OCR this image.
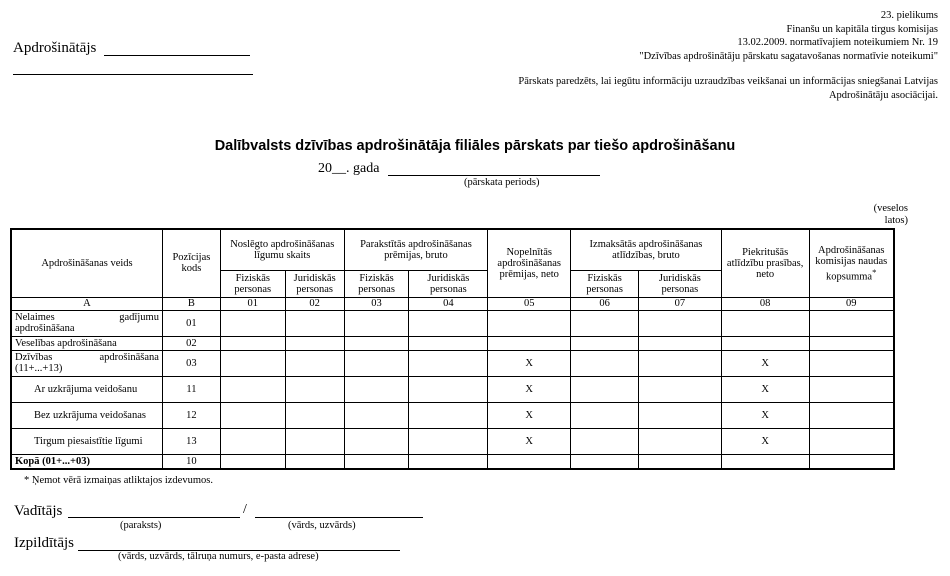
Apdrošinātājs
23. pielikums
Finanšu un kapitāla tirgus komisijas
13.02.2009. normatīvajiem noteikumiem Nr. 19
"Dzīvības apdrošinātāju pārskatu sagatavošanas normatīvie noteikumi"
Pārskats paredzēts, lai iegūtu informāciju uzraudzības veikšanai un informācijas sniegšanai Latvijas Apdrošinātāju asociācijai.
Dalībvalsts dzīvības apdrošinātāja filiāles pārskats par tiešo apdrošināšanu
20__. gada
(pārskata periods)
(veselos latos)
Apdrošināšanas veids	Pozīcijas kods	Noslēgto apdrošināšanas līgumu skaits		Parakstītās apdrošināšanas prēmijas, bruto		Nopelnītās apdrošināšanas prēmijas, neto	Izmaksātās apdrošināšanas atlīdzības, bruto		Piekritušās atlīdzību prasības, neto	Apdrošināšanas komisijas naudas kopsumma*
		Fiziskās personas	Juridiskās personas	Fiziskās personas	Juridiskās personas		Fiziskās personas	Juridiskās personas		
A	B	01	02	03	04	05	06	07	08	09
Nelaimes gadījumu apdrošināšana	01									
Veselības apdrošināšana	02									
Dzīvības apdrošināšana (11+...+13)	03					X			X	
Ar uzkrājuma veidošanu	11					X			X	
Bez uzkrājuma veidošanas	12					X			X	
Tirgum piesaistītie līgumi	13					X			X	
Kopā (01+...+03)	10									
* Ņemot vērā izmaiņas atliktajos izdevumos.
Vadītājs	/
(paraksts)	(vārds, uzvārds)
Izpildītājs
(vārds, uzvārds, tālruņa numurs, e-pasta adrese)
